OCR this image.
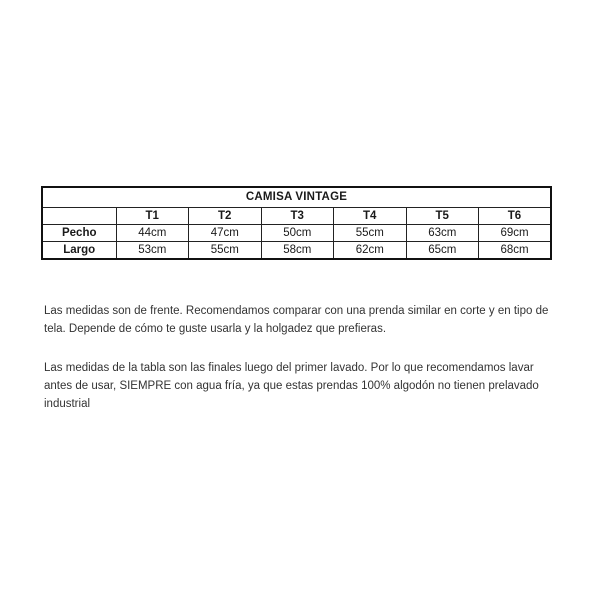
CAMISA VINTAGE						
	T1	T2	T3	T4	T5	T6
Pecho	44cm	47cm	50cm	55cm	63cm	69cm
Largo	53cm	55cm	58cm	62cm	65cm	68cm

Las medidas son de frente. Recomendamos comparar con una prenda similar en corte y en tipo de tela. Depende de cómo te guste usarla y la holgadez que prefieras.

Las medidas de la tabla son las finales luego del primer lavado. Por lo que recomendamos lavar antes de usar, SIEMPRE con agua fría, ya que estas prendas 100% algodón no tienen prelavado industrial
